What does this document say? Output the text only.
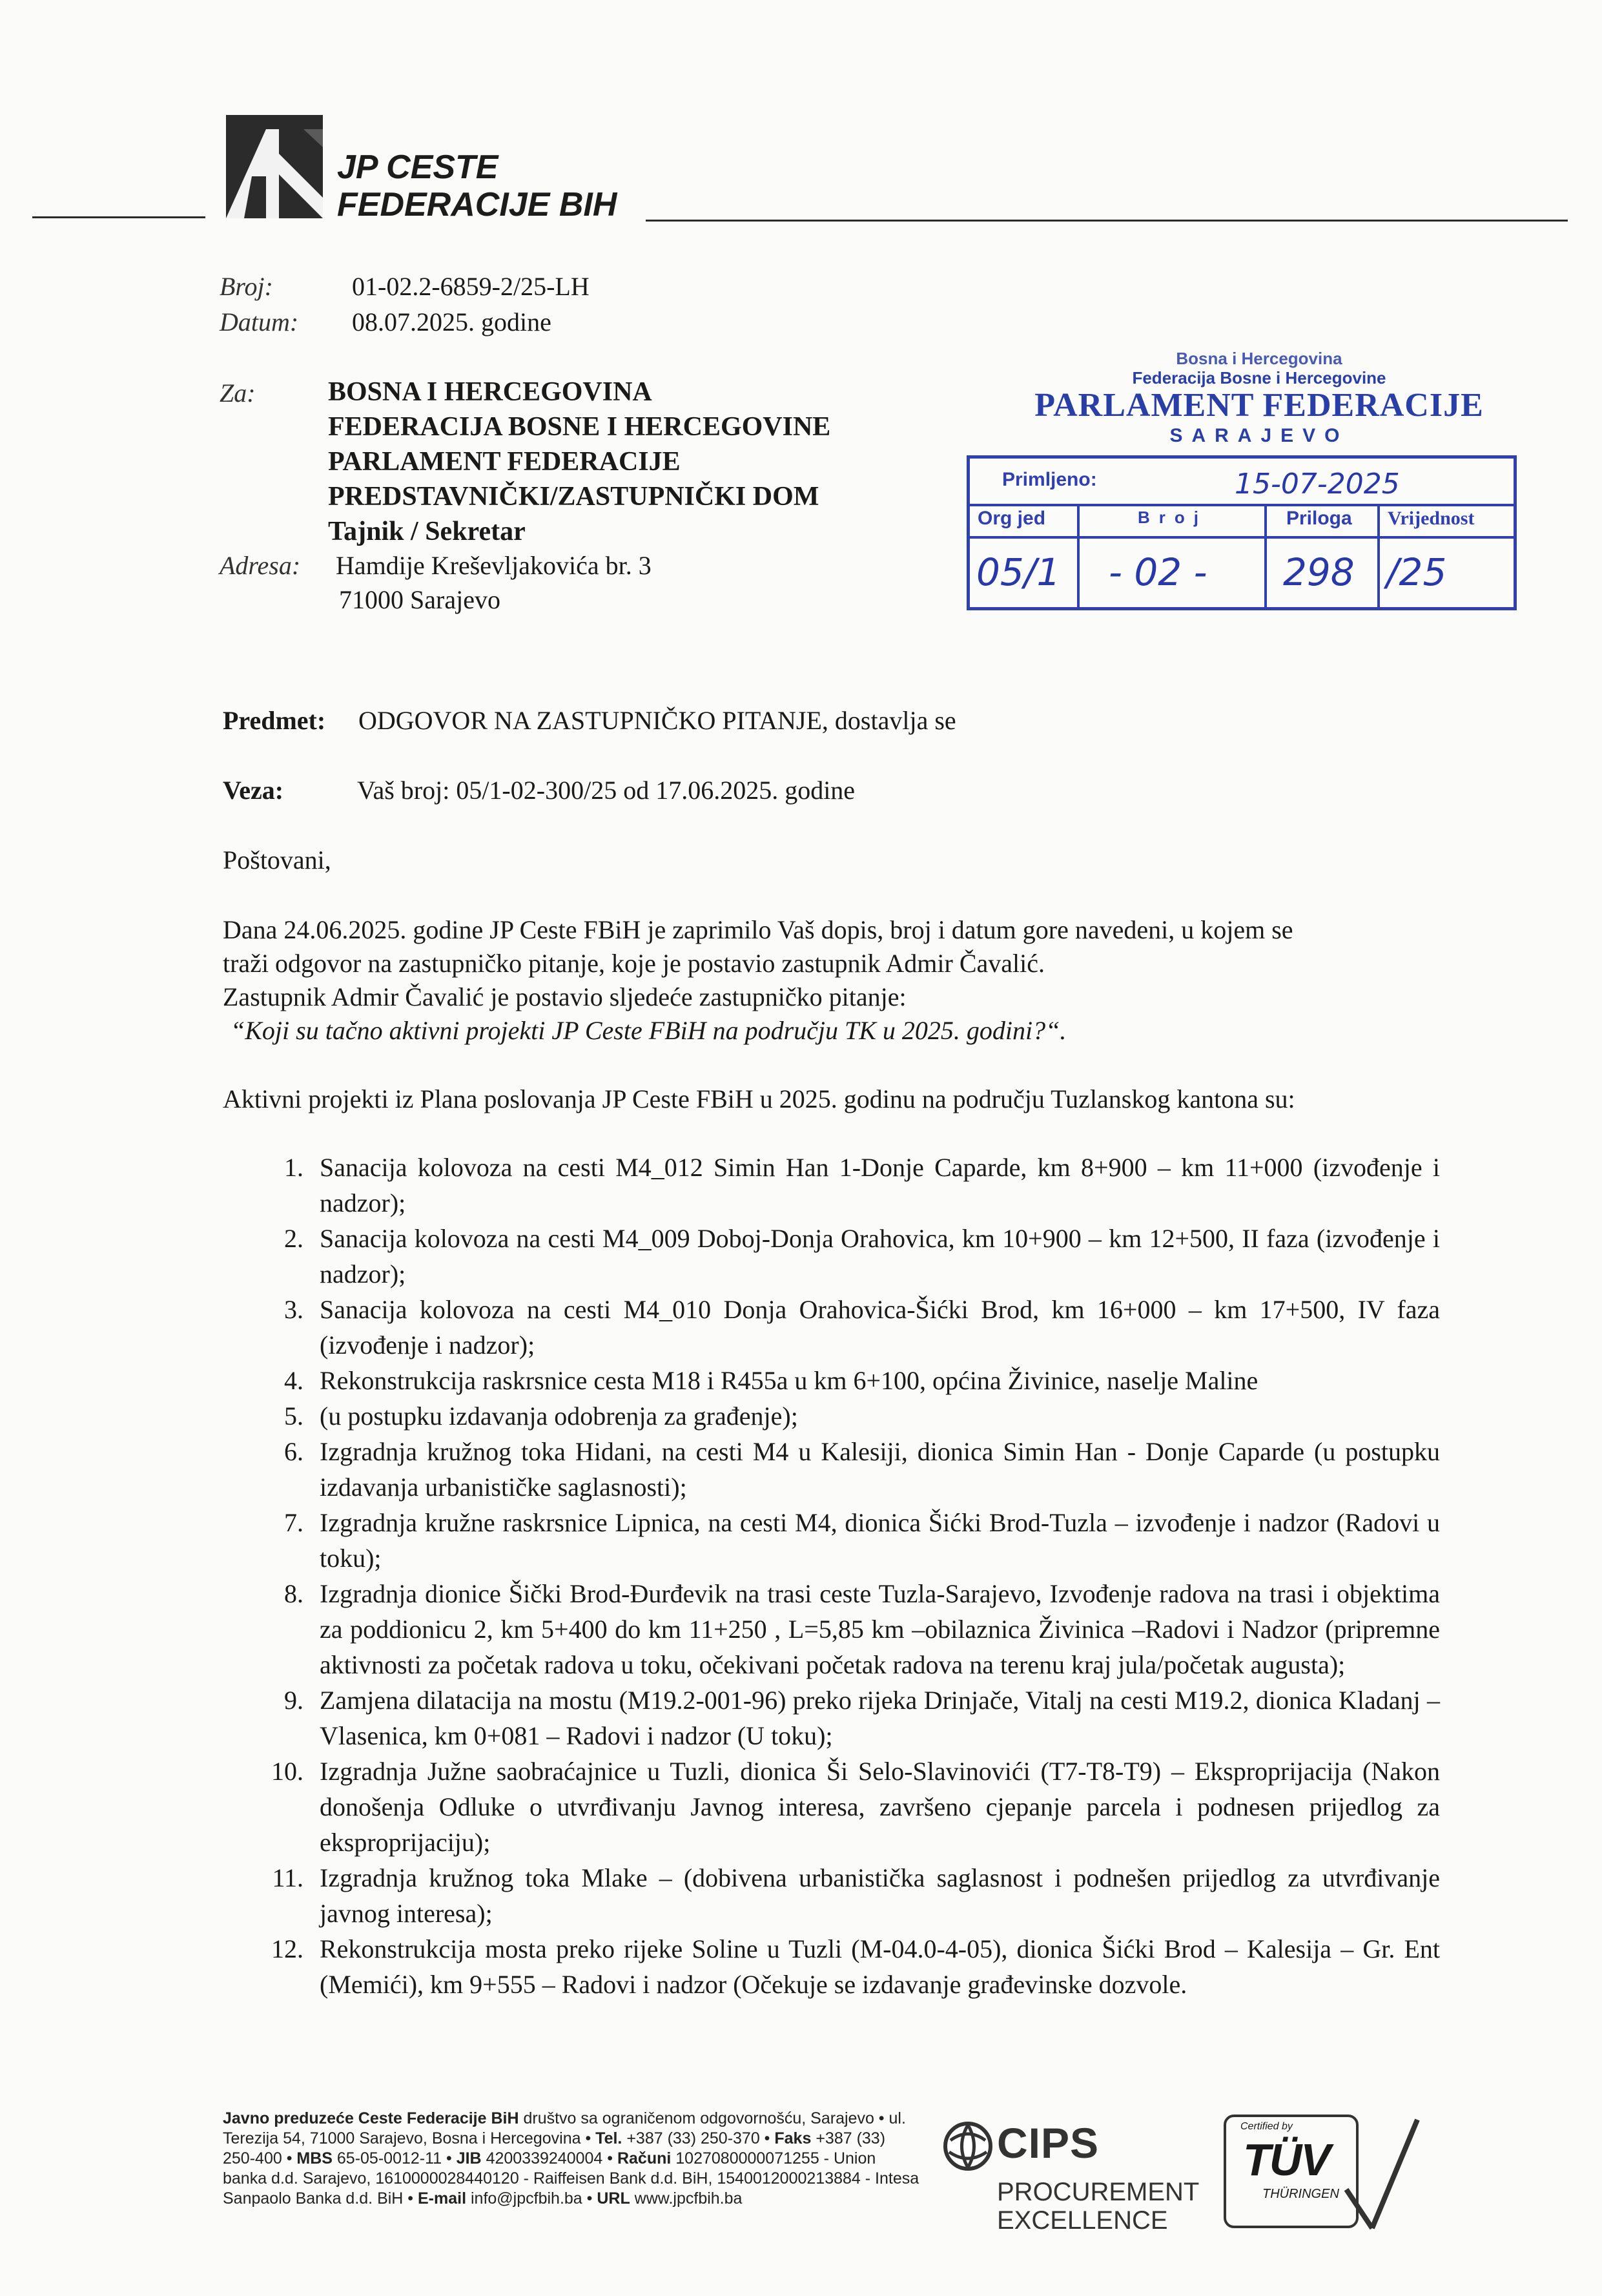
JP CESTE
FEDERACIJE BIH
Broj:	01-02.2-6859-2/25-LH
Datum: 08.07.2025. godine
Za:	BOSNA I HERCEGOVINA
FEDERACIJA BOSNE I HERCEGOVINE
PARLAMENT FEDERACIJE
PREDSTAVNIČKI/ZASTUPNIČKI DOM
Tajnik / Sekretar
Adresa: Hamdije Kreševljakovića br. 3
71000 Sarajevo
Bosna i Hercegovina
Federacija Bosne i Hercegovine
PARLAMENT FEDERACIJE
SARAJEVO
Primljeno:	15-07-2025
Org jed	Broj	Priloga Vrijednost
05/1 - 02 - 298 /25
Predmet: ODGOVOR NA ZASTUPNIČKO PITANJE, dostavlja se
Veza:	Vaš broj: 05/1-02-300/25 od 17.06.2025. godine
Poštovani,
Dana 24.06.2025. godine JP Ceste FBiH je zaprimilo Vaš dopis, broj i datum gore navedeni, u kojem se
traži odgovor na zastupničko pitanje, koje je postavio zastupnik Admir Čavalić.
Zastupnik Admir Čavalić je postavio sljedeće zastupničko pitanje:
“Koji su tačno aktivni projekti JP Ceste FBiH na području TK u 2025. godini?“.
Aktivni projekti iz Plana poslovanja JP Ceste FBiH u 2025. godinu na području Tuzlanskog kantona su:
1. Sanacija kolovoza na cesti M4_012 Simin Han 1-Donje Caparde, km 8+900 – km 11+000 (izvođenje i nadzor);
2. Sanacija kolovoza na cesti M4_009 Doboj-Donja Orahovica, km 10+900 – km 12+500, II faza (izvođenje i nadzor);
3. Sanacija kolovoza na cesti M4_010 Donja Orahovica-Šićki Brod, km 16+000 – km 17+500, IV faza (izvođenje i nadzor);
4. Rekonstrukcija raskrsnice cesta M18 i R455a u km 6+100, općina Živinice, naselje Maline
5. (u postupku izdavanja odobrenja za građenje);
6. Izgradnja kružnog toka Hidani, na cesti M4 u Kalesiji, dionica Simin Han - Donje Caparde (u postupku izdavanja urbanističke saglasnosti);
7. Izgradnja kružne raskrsnice Lipnica, na cesti M4, dionica Šićki Brod-Tuzla – izvođenje i nadzor (Radovi u toku);
8. Izgradnja dionice Šički Brod-Đurđevik na trasi ceste Tuzla-Sarajevo, Izvođenje radova na trasi i objektima za poddionicu 2, km 5+400 do km 11+250 , L=5,85 km –obilaznica Živinica –Radovi i Nadzor (pripremne aktivnosti za početak radova u toku, očekivani početak radova na terenu kraj jula/početak augusta);
9. Zamjena dilatacija na mostu (M19.2-001-96) preko rijeka Drinjače, Vitalj na cesti M19.2, dionica Kladanj – Vlasenica, km 0+081 – Radovi i nadzor (U toku);
10. Izgradnja Južne saobraćajnice u Tuzli, dionica Ši Selo-Slavinovići (T7-T8-T9) – Eksproprijacija (Nakon donošenja Odluke o utvrđivanju Javnog interesa, završeno cjepanje parcela i podnesen prijedlog za eksproprijaciju);
11. Izgradnja kružnog toka Mlake – (dobivena urbanistička saglasnost i podnešen prijedlog za utvrđivanje javnog interesa);
12. Rekonstrukcija mosta preko rijeke Soline u Tuzli (M-04.0-4-05), dionica Šićki Brod – Kalesija – Gr. Ent (Memići), km 9+555 – Radovi i nadzor (Očekuje se izdavanje građevinske dozvole.
Javno preduzeće Ceste Federacije BiH društvo sa ograničenom odgovornošću, Sarajevo • ul. Terezija 54, 71000 Sarajevo, Bosna i Hercegovina • Tel. +387 (33) 250-370 • Faks +387 (33) 250-400 • MBS 65-05-0012-11 • JIB 4200339240004 • Računi 1027080000071255 - Union banka d.d. Sarajevo, 1610000028440120 - Raiffeisen Bank d.d. BiH, 1540012000213884 - Intesa Sanpaolo Banka d.d. BiH • E-mail info@jpcfbih.ba • URL www.jpcfbih.ba
CIPS
PROCUREMENT
EXCELLENCE
Certified by
TÜV
THÜRINGEN
